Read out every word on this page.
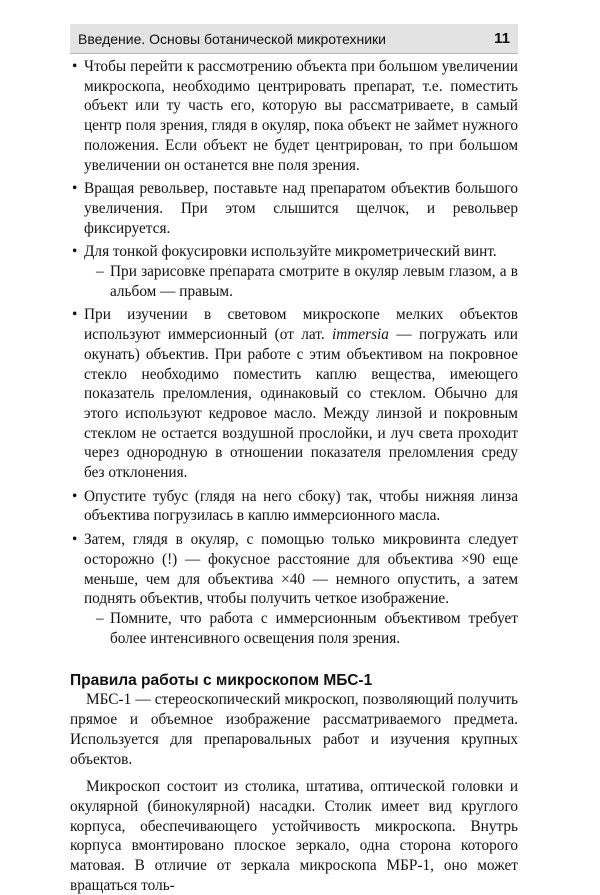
Введение. Основы ботанической микротехники	11
• Чтобы перейти к рассмотрению объекта при большом увеличении микроскопа, необходимо центрировать препарат, т.е. поместить объект или ту часть его, которую вы рассматриваете, в самый центр поля зрения, глядя в окуляр, пока объект не займет нужного положения. Если объект не будет центрирован, то при большом увеличении он останется вне поля зрения.
• Вращая револьвер, поставьте над препаратом объектив большого увеличения. При этом слышится щелчок, и револьвер фиксируется.
• Для тонкой фокусировки используйте микрометрический винт.
– При зарисовке препарата смотрите в окуляр левым глазом, а в альбом — правым.
• При изучении в световом микроскопе мелких объектов используют иммерсионный (от лат. immersia — погружать или окунать) объектив. При работе с этим объективом на покровное стекло необходимо поместить каплю вещества, имеющего показатель преломления, одинаковый со стеклом. Обычно для этого используют кедровое масло. Между линзой и покровным стеклом не остается воздушной прослойки, и луч света проходит через однородную в отношении показателя преломления среду без отклонения.
• Опустите тубус (глядя на него сбоку) так, чтобы нижняя линза объектива погрузилась в каплю иммерсионного масла.
• Затем, глядя в окуляр, с помощью только микровинта следует осторожно (!) — фокусное расстояние для объектива ×90 еще меньше, чем для объектива ×40 — немного опустить, а затем поднять объектив, чтобы получить четкое изображение.
– Помните, что работа с иммерсионным объективом требует более интенсивного освещения поля зрения.
Правила работы с микроскопом МБС-1
МБС-1 — стереоскопический микроскоп, позволяющий получить прямое и объемное изображение рассматриваемого предмета. Используется для препаровальных работ и изучения крупных объектов.
Микроскоп состоит из столика, штатива, оптической головки и окулярной (бинокулярной) насадки. Столик имеет вид круглого корпуса, обеспечивающего устойчивость микроскопа. Внутрь корпуса вмонтировано плоское зеркало, одна сторона которого матовая. В отличие от зеркала микроскопа МБР-1, оно может вращаться толь-
